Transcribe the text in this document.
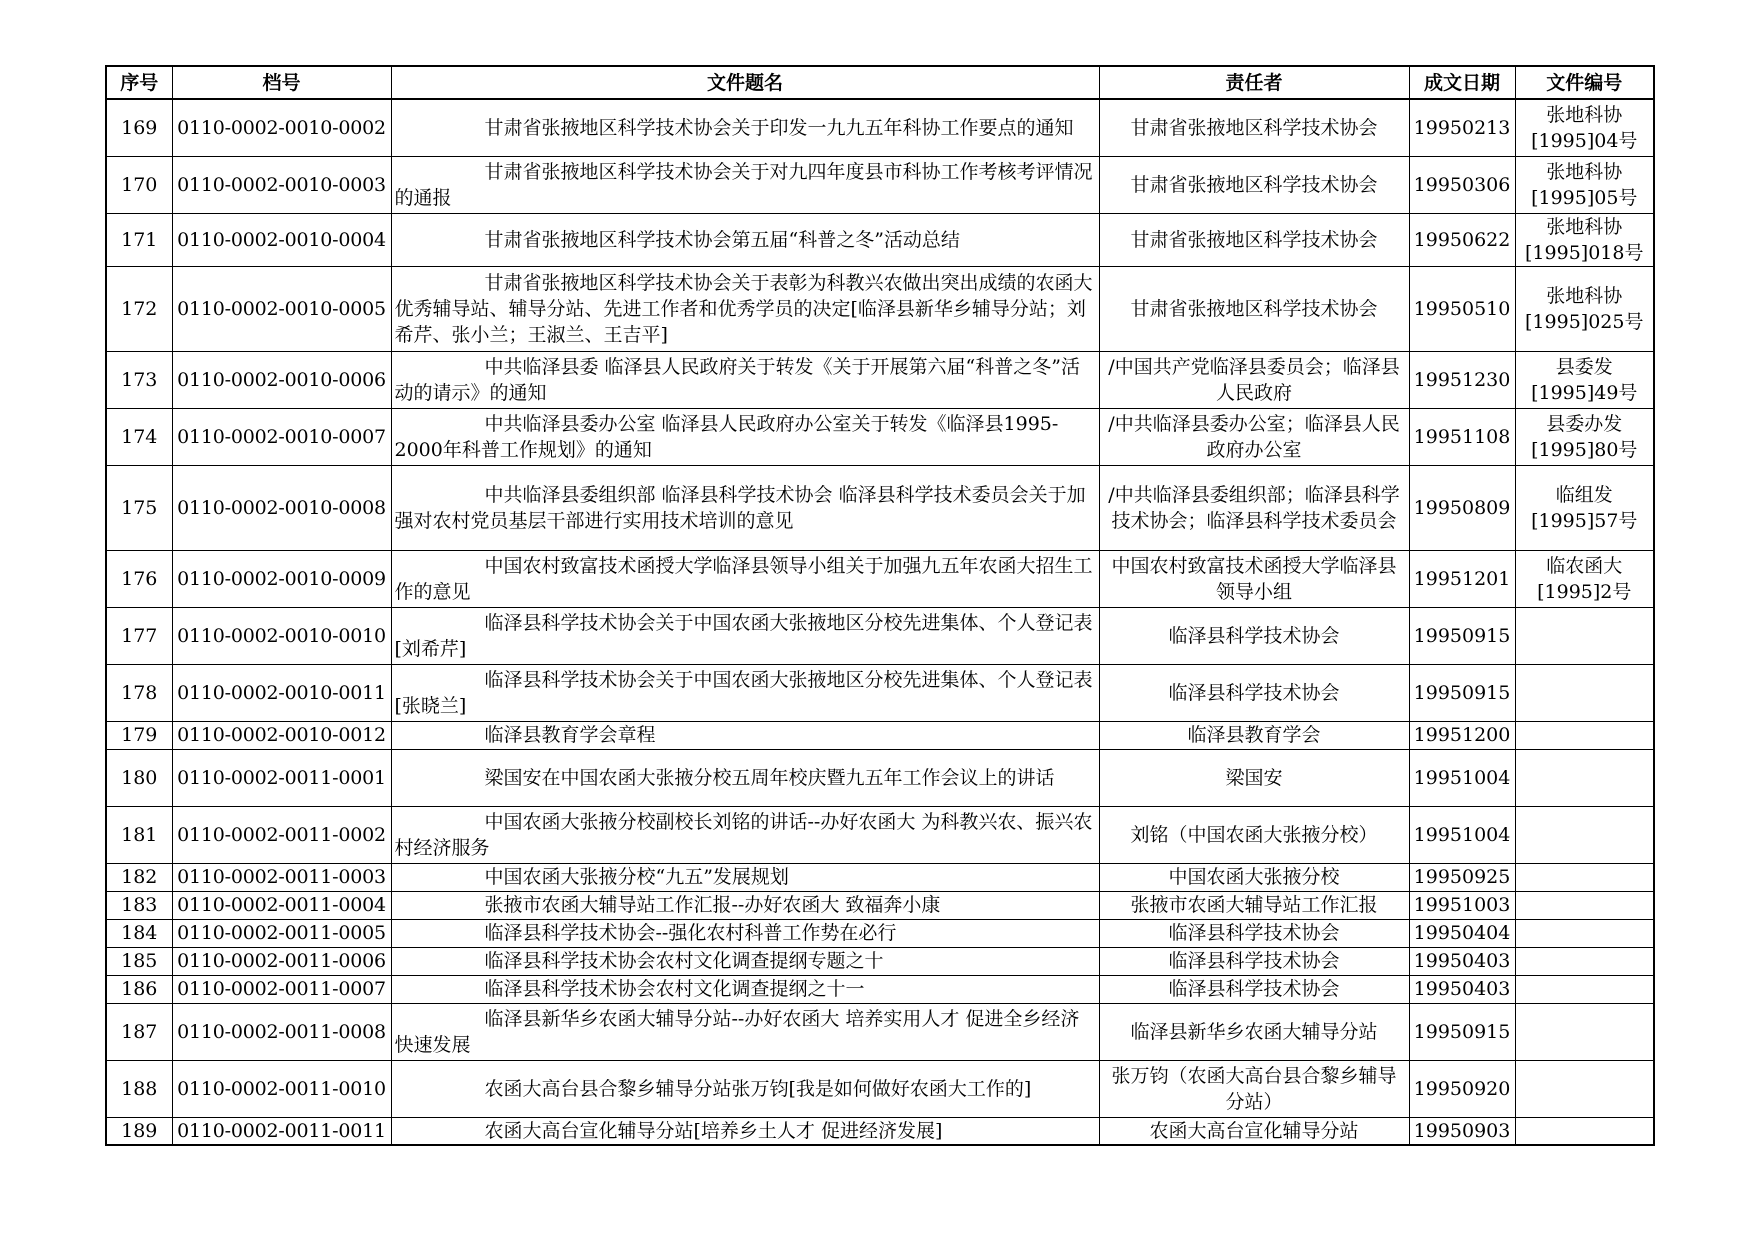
序号	档号	文件题名	责任者	成文日期	文件编号
169	0110-0002-0010-0002	甘肃省张掖地区科学技术协会关于印发一九九五年科协工作要点的通知	甘肃省张掖地区科学技术协会	19950213	张地科协[1995]04号
170	0110-0002-0010-0003	甘肃省张掖地区科学技术协会关于对九四年度县市科协工作考核考评情况的通报	甘肃省张掖地区科学技术协会	19950306	张地科协[1995]05号
171	0110-0002-0010-0004	甘肃省张掖地区科学技术协会第五届“科普之冬”活动总结	甘肃省张掖地区科学技术协会	19950622	张地科协[1995]018号
172	0110-0002-0010-0005	甘肃省张掖地区科学技术协会关于表彰为科教兴农做出突出成绩的农函大优秀辅导站、辅导分站、先进工作者和优秀学员的决定[临泽县新华乡辅导分站；刘希芹、张小兰；王淑兰、王吉平]	甘肃省张掖地区科学技术协会	19950510	张地科协[1995]025号
173	0110-0002-0010-0006	中共临泽县委 临泽县人民政府关于转发《关于开展第六届“科普之冬”活动的请示》的通知	/中国共产党临泽县委员会；临泽县人民政府	19951230	县委发[1995]49号
174	0110-0002-0010-0007	中共临泽县委办公室 临泽县人民政府办公室关于转发《临泽县1995-2000年科普工作规划》的通知	/中共临泽县委办公室；临泽县人民政府办公室	19951108	县委办发[1995]80号
175	0110-0002-0010-0008	中共临泽县委组织部 临泽县科学技术协会 临泽县科学技术委员会关于加强对农村党员基层干部进行实用技术培训的意见	/中共临泽县委组织部；临泽县科学技术协会；临泽县科学技术委员会	19950809	临组发[1995]57号
176	0110-0002-0010-0009	中国农村致富技术函授大学临泽县领导小组关于加强九五年农函大招生工作的意见	中国农村致富技术函授大学临泽县领导小组	19951201	临农函大[1995]2号
177	0110-0002-0010-0010	临泽县科学技术协会关于中国农函大张掖地区分校先进集体、个人登记表[刘希芹]	临泽县科学技术协会	19950915	
178	0110-0002-0010-0011	临泽县科学技术协会关于中国农函大张掖地区分校先进集体、个人登记表[张晓兰]	临泽县科学技术协会	19950915	
179	0110-0002-0010-0012	临泽县教育学会章程	临泽县教育学会	19951200	
180	0110-0002-0011-0001	梁国安在中国农函大张掖分校五周年校庆暨九五年工作会议上的讲话	梁国安	19951004	
181	0110-0002-0011-0002	中国农函大张掖分校副校长刘铭的讲话--办好农函大 为科教兴农、振兴农村经济服务	刘铭（中国农函大张掖分校）	19951004	
182	0110-0002-0011-0003	中国农函大张掖分校“九五”发展规划	中国农函大张掖分校	19950925	
183	0110-0002-0011-0004	张掖市农函大辅导站工作汇报--办好农函大 致福奔小康	张掖市农函大辅导站工作汇报	19951003	
184	0110-0002-0011-0005	临泽县科学技术协会--强化农村科普工作势在必行	临泽县科学技术协会	19950404	
185	0110-0002-0011-0006	临泽县科学技术协会农村文化调查提纲专题之十	临泽县科学技术协会	19950403	
186	0110-0002-0011-0007	临泽县科学技术协会农村文化调查提纲之十一	临泽县科学技术协会	19950403	
187	0110-0002-0011-0008	临泽县新华乡农函大辅导分站--办好农函大 培养实用人才 促进全乡经济快速发展	临泽县新华乡农函大辅导分站	19950915	
188	0110-0002-0011-0010	农函大高台县合黎乡辅导分站张万钧[我是如何做好农函大工作的]	张万钧（农函大高台县合黎乡辅导分站）	19950920	
189	0110-0002-0011-0011	农函大高台宣化辅导分站[培养乡土人才 促进经济发展]	农函大高台宣化辅导分站	19950903	
